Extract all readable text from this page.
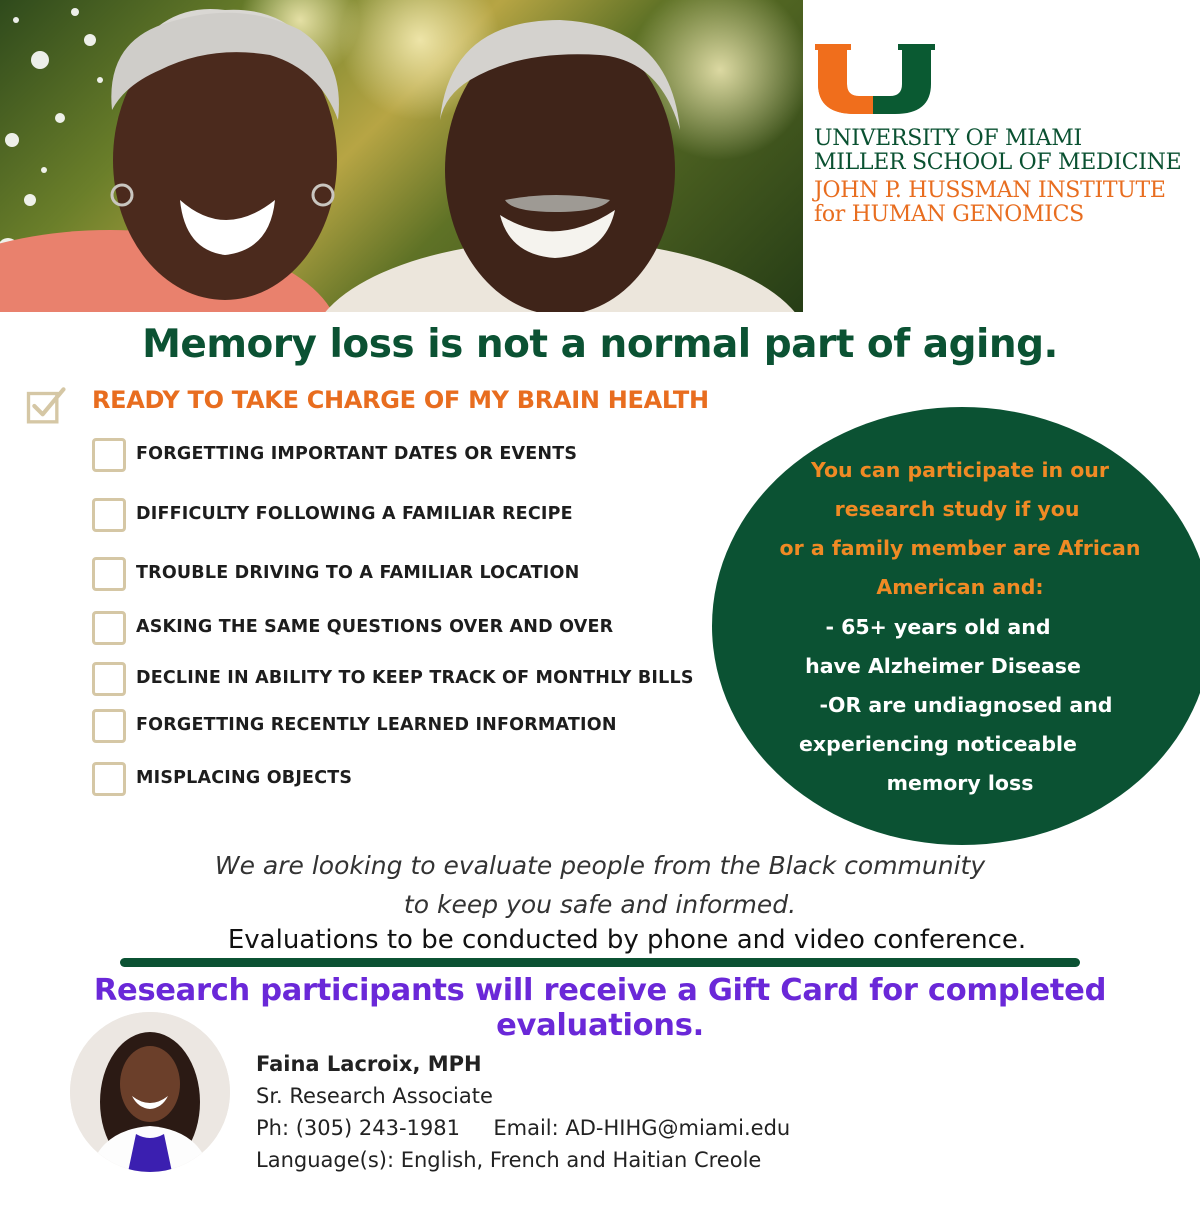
UNIVERSITY OF MIAMI
MILLER SCHOOL OF MEDICINE
JOHN P. HUSSMAN INSTITUTE
for HUMAN GENOMICS
Memory loss is not a normal part of aging.
READY TO TAKE CHARGE OF MY BRAIN HEALTH
FORGETTING IMPORTANT DATES OR EVENTS
DIFFICULTY FOLLOWING A FAMILIAR RECIPE
TROUBLE DRIVING TO A FAMILIAR LOCATION
ASKING THE SAME QUESTIONS OVER AND OVER
DECLINE IN ABILITY TO KEEP TRACK OF MONTHLY BILLS
FORGETTING RECENTLY LEARNED INFORMATION
MISPLACING OBJECTS
You can participate in our
research study if you
or a family member are African
American and:
- 65+ years old and
have Alzheimer Disease
-OR are undiagnosed and
experiencing noticeable
memory loss
We are looking to evaluate people from the Black community
to keep you safe and informed.
Evaluations to be conducted by phone and video conference.
Research participants will receive a Gift Card for completed evaluations.
Faina Lacroix, MPH
Sr. Research Associate
Ph: (305) 243-1981     Email: AD-HIHG@miami.edu
Language(s): English, French and Haitian Creole
